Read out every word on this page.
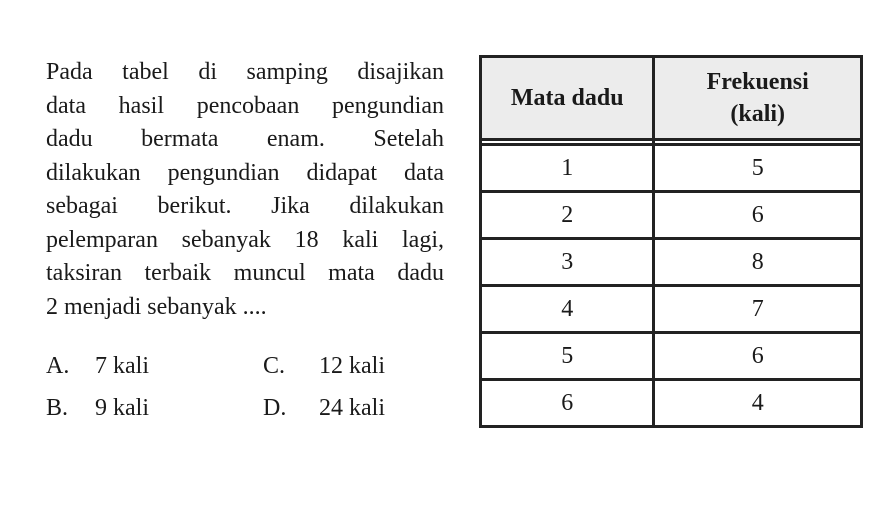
Pada tabel di samping disajikan
data hasil pencobaan pengundian
dadu bermata enam. Setelah
dilakukan pengundian didapat data
sebagai berikut. Jika dilakukan
pelemparan sebanyak 18 kali lagi,
taksiran terbaik muncul mata dadu
2 menjadi sebanyak ....
A. 7 kali
B. 9 kali
C. 12 kali
D. 24 kali
Mata dadu	Frekuensi
(kali)

1	5
2	6
3	8
4	7
5	6
6	4
